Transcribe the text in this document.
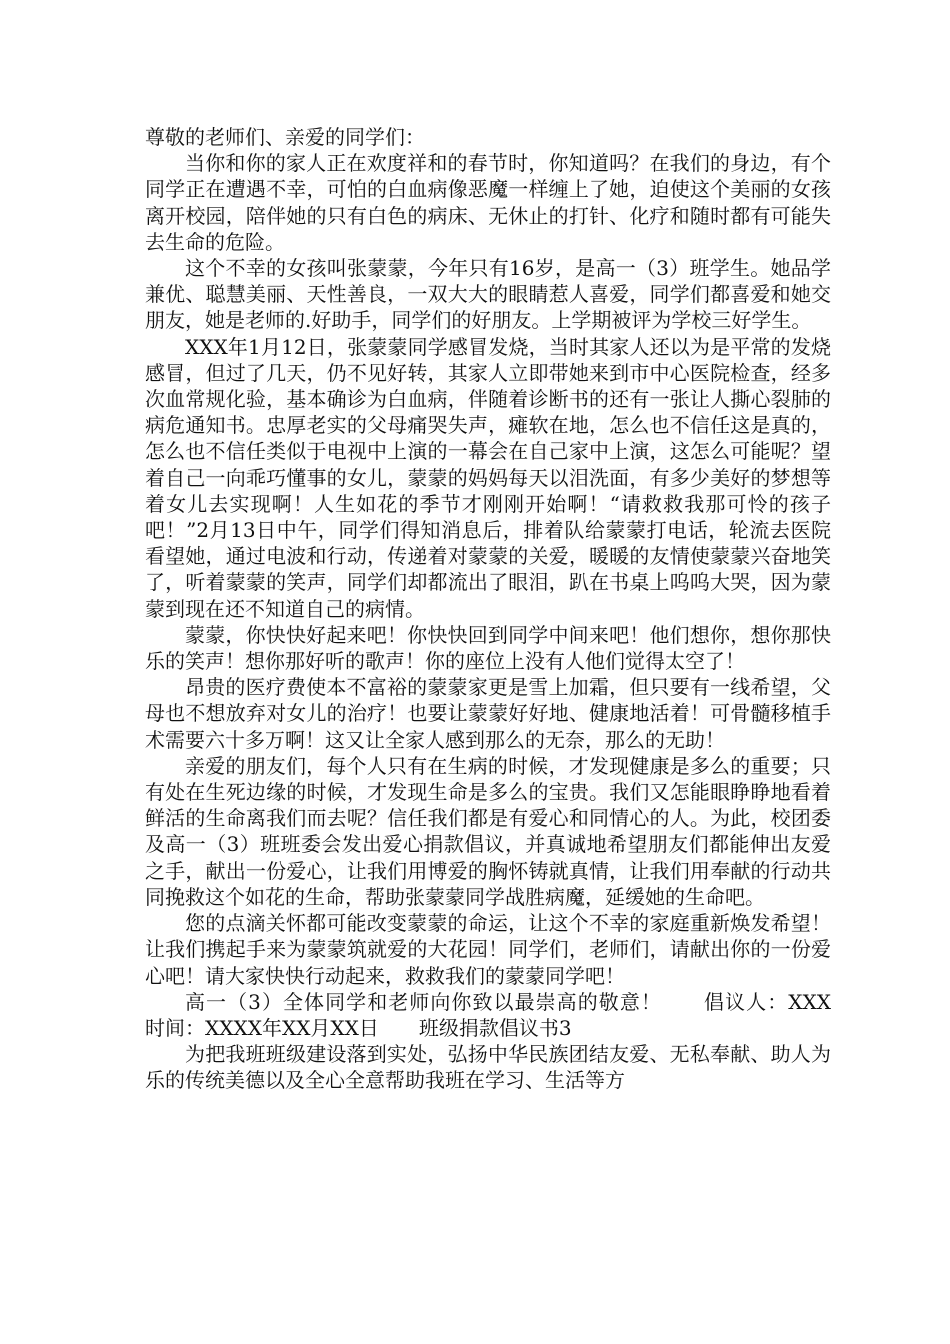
尊敬的老师们、亲爱的同学们：

当你和你的家人正在欢度祥和的春节时，你知道吗？在我们的身边，有个同学正在遭遇不幸，可怕的白血病像恶魔一样缠上了她，迫使这个美丽的女孩离开校园，陪伴她的只有白色的病床、无休止的打针、化疗和随时都有可能失去生命的危险。

这个不幸的女孩叫张蒙蒙，今年只有16岁，是高一（3）班学生。她品学兼优、聪慧美丽、天性善良，一双大大的眼睛惹人喜爱，同学们都喜爱和她交朋友，她是老师的.好助手，同学们的好朋友。上学期被评为学校三好学生。

XXX年1月12日，张蒙蒙同学感冒发烧，当时其家人还以为是平常的发烧感冒，但过了几天，仍不见好转，其家人立即带她来到市中心医院检查，经多次血常规化验，基本确诊为白血病，伴随着诊断书的还有一张让人撕心裂肺的病危通知书。忠厚老实的父母痛哭失声，瘫软在地，怎么也不信任这是真的，怎么也不信任类似于电视中上演的一幕会在自己家中上演，这怎么可能呢？望着自己一向乖巧懂事的女儿，蒙蒙的妈妈每天以泪洗面，有多少美好的梦想等着女儿去实现啊！人生如花的季节才刚刚开始啊！“请救救我那可怜的孩子吧！”2月13日中午，同学们得知消息后，排着队给蒙蒙打电话，轮流去医院看望她，通过电波和行动，传递着对蒙蒙的关爱，暖暖的友情使蒙蒙兴奋地笑了，听着蒙蒙的笑声，同学们却都流出了眼泪，趴在书桌上呜呜大哭，因为蒙蒙到现在还不知道自己的病情。

蒙蒙，你快快好起来吧！你快快回到同学中间来吧！他们想你，想你那快乐的笑声！想你那好听的歌声！你的座位上没有人他们觉得太空了！

昂贵的医疗费使本不富裕的蒙蒙家更是雪上加霜，但只要有一线希望，父母也不想放弃对女儿的治疗！也要让蒙蒙好好地、健康地活着！可骨髓移植手术需要六十多万啊！这又让全家人感到那么的无奈，那么的无助！

亲爱的朋友们，每个人只有在生病的时候，才发现健康是多么的重要；只有处在生死边缘的时候，才发现生命是多么的宝贵。我们又怎能眼睁睁地看着鲜活的生命离我们而去呢？信任我们都是有爱心和同情心的人。为此，校团委及高一（3）班班委会发出爱心捐款倡议，并真诚地希望朋友们都能伸出友爱之手，献出一份爱心，让我们用博爱的胸怀铸就真情，让我们用奉献的行动共同挽救这个如花的生命，帮助张蒙蒙同学战胜病魔，延缓她的生命吧。

您的点滴关怀都可能改变蒙蒙的命运，让这个不幸的家庭重新焕发希望！让我们携起手来为蒙蒙筑就爱的大花园！同学们，老师们，请献出你的一份爱心吧！请大家快快行动起来，救救我们的蒙蒙同学吧！

高一（3）全体同学和老师向你致以最崇高的敬意！　　倡议人：XXX　　时间：XXXX年XX月XX日　　班级捐款倡议书3

为把我班班级建设落到实处，弘扬中华民族团结友爱、无私奉献、助人为乐的传统美德以及全心全意帮助我班在学习、生活等方
